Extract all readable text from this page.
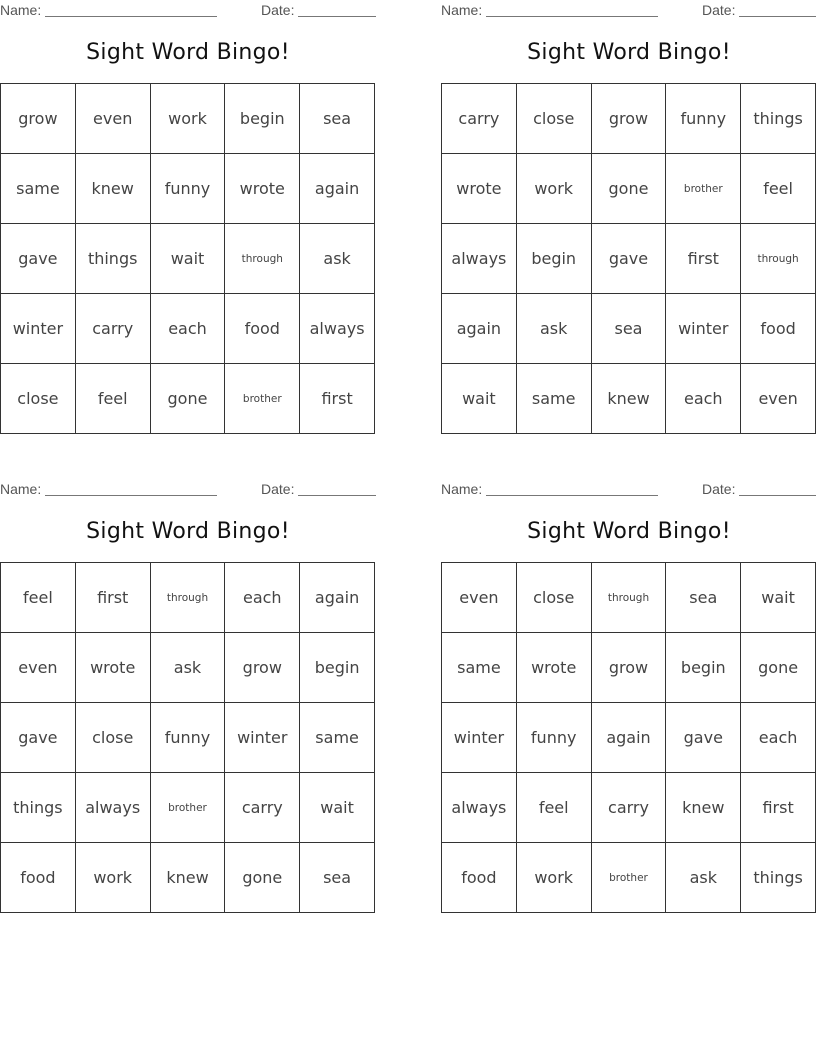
Name:	Date:
Sight Word Bingo!
grow	even	work	begin	sea
same	knew	funny	wrote	again
gave	things	wait	through	ask
winter	carry	each	food	always
close	feel	gone	brother	first
Name:	Date:
Sight Word Bingo!
carry	close	grow	funny	things
wrote	work	gone	brother	feel
always	begin	gave	first	through
again	ask	sea	winter	food
wait	same	knew	each	even
Name:	Date:
Sight Word Bingo!
feel	first	through	each	again
even	wrote	ask	grow	begin
gave	close	funny	winter	same
things	always	brother	carry	wait
food	work	knew	gone	sea
Name:	Date:
Sight Word Bingo!
even	close	through	sea	wait
same	wrote	grow	begin	gone
winter	funny	again	gave	each
always	feel	carry	knew	first
food	work	brother	ask	things
